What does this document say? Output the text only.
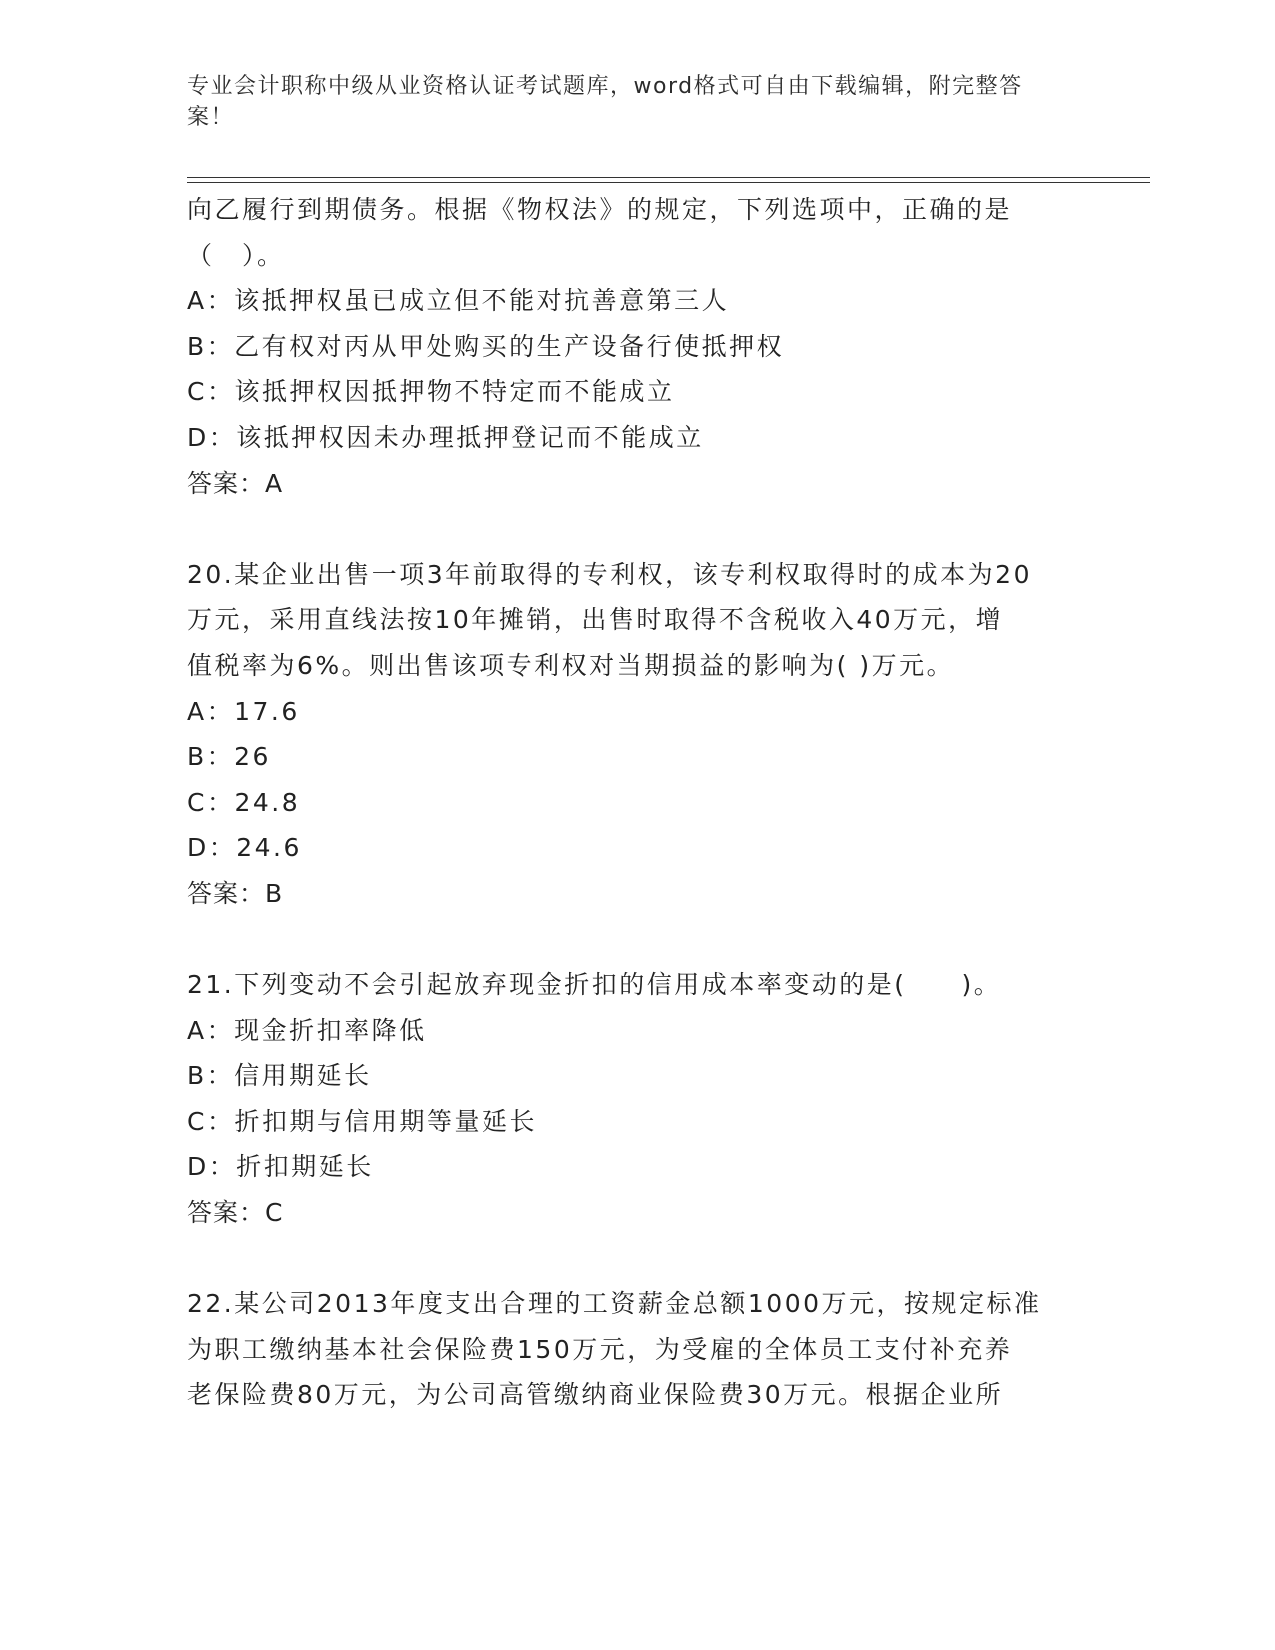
专业会计职称中级从业资格认证考试题库，word格式可自由下载编辑，附完整答
案！
向乙履行到期债务。根据《物权法》的规定，下列选项中，正确的是
（　）。
A：该抵押权虽已成立但不能对抗善意第三人
B：乙有权对丙从甲处购买的生产设备行使抵押权
C：该抵押权因抵押物不特定而不能成立
D：该抵押权因未办理抵押登记而不能成立
答案：A
20.某企业出售一项3年前取得的专利权，该专利权取得时的成本为20
万元，采用直线法按10年摊销，出售时取得不含税收入40万元，增
值税率为6%。则出售该项专利权对当期损益的影响为( )万元。
A：17.6
B：26
C：24.8
D：24.6
答案：B
21.下列变动不会引起放弃现金折扣的信用成本率变动的是(　　)。
A：现金折扣率降低
B：信用期延长
C：折扣期与信用期等量延长
D：折扣期延长
答案：C
22.某公司2013年度支出合理的工资薪金总额1000万元，按规定标准
为职工缴纳基本社会保险费150万元，为受雇的全体员工支付补充养
老保险费80万元，为公司高管缴纳商业保险费30万元。根据企业所
